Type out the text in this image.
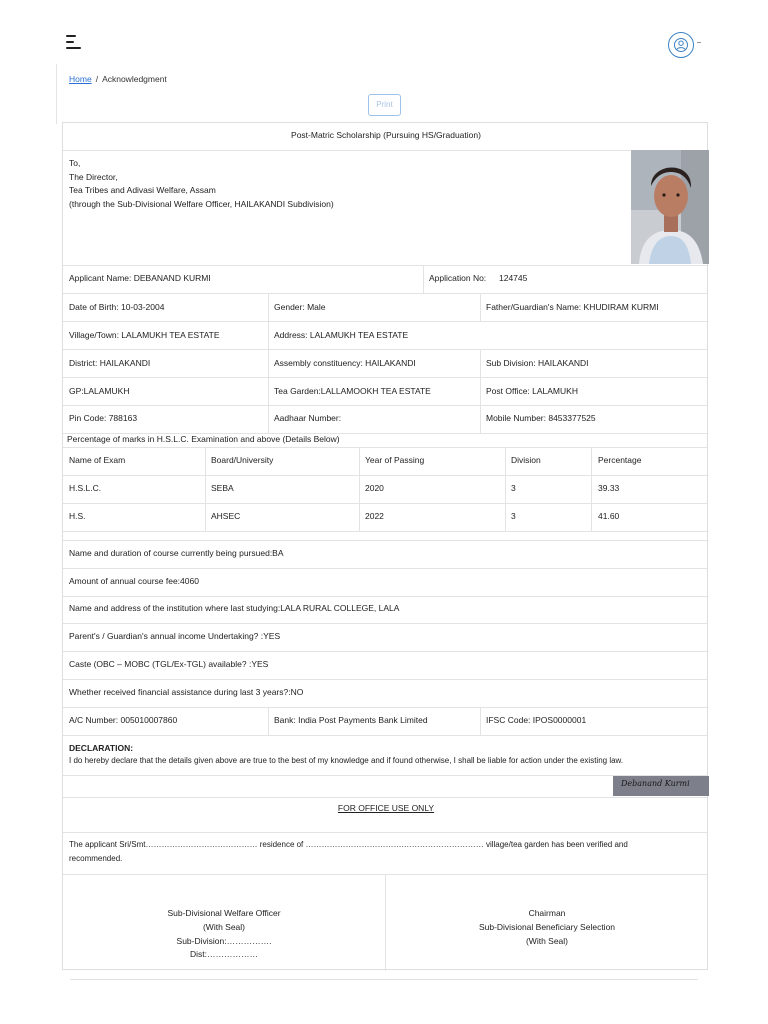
Home / Acknowledgment
Print
Post-Matric Scholarship (Pursuing HS/Graduation)
To,
The Director,
Tea Tribes and Adivasi Welfare, Assam
(through the Sub-Divisional Welfare Officer, HAILAKANDI Subdivision)
Applicant Name: DEBANAND KURMI	Application No: 124745
Date of Birth: 10-03-2004	Gender: Male	Father/Guardian's Name: KHUDIRAM KURMI
Village/Town: LALAMUKH TEA ESTATE	Address: LALAMUKH TEA ESTATE
District: HAILAKANDI	Assembly constituency: HAILAKANDI	Sub Division: HAILAKANDI
GP:LALAMUKH	Tea Garden:LALLAMOOKH TEA ESTATE	Post Office: LALAMUKH
Pin Code: 788163	Aadhaar Number:	Mobile Number: 8453377525
Percentage of marks in H.S.L.C. Examination and above (Details Below)
Name of Exam	Board/University	Year of Passing	Division	Percentage
H.S.L.C.	SEBA	2020	3	39.33
H.S.	AHSEC	2022	3	41.60
Name and duration of course currently being pursued:BA
Amount of annual course fee:4060
Name and address of the institution where last studying:LALA RURAL COLLEGE, LALA
Parent's / Guardian's annual income Undertaking? :YES
Caste (OBC – MOBC (TGL/Ex-TGL) available? :YES
Whether received financial assistance during last 3 years?:NO
A/C Number: 005010007860	Bank: India Post Payments Bank Limited	IFSC Code: IPOS0000001
DECLARATION:
I do hereby declare that the details given above are true to the best of my knowledge and if found otherwise, I shall be liable for action under the existing law.
Debanand Kurmi
FOR OFFICE USE ONLY
The applicant Sri/Smt…………………………………… residence of ……………………………….………………………… village/tea garden has been verified and
recommended.
Sub-Divisional Welfare Officer
(With Seal)
Sub-Division:…………….
Dist:………………
Chairman
Sub-Divisional Beneficiary Selection
(With Seal)
